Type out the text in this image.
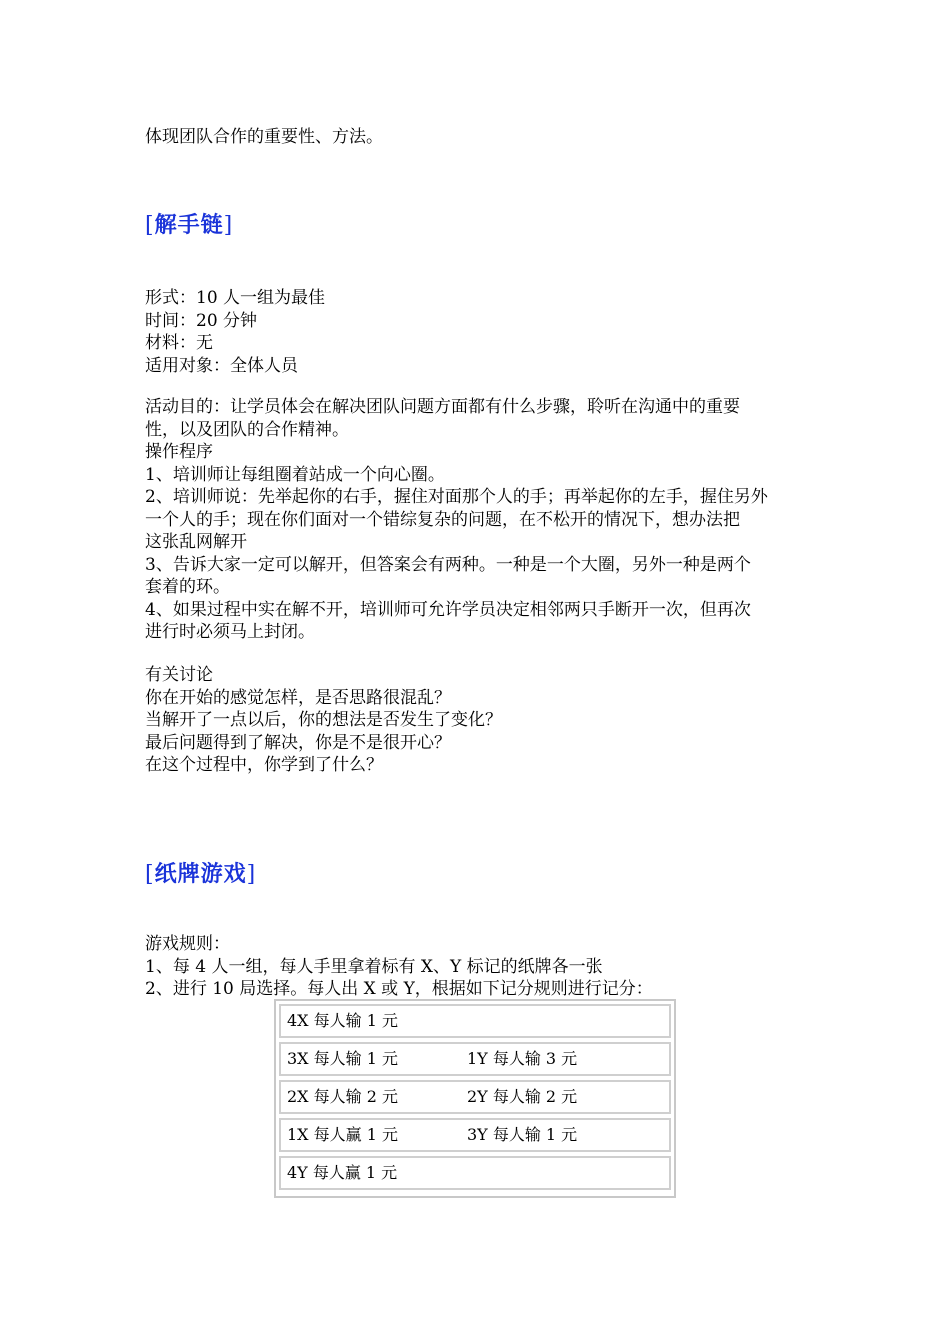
体现团队合作的重要性、方法。
[解手链]
形式：10 人一组为最佳
时间：20 分钟
材料：无
适用对象：全体人员
活动目的：让学员体会在解决团队问题方面都有什么步骤，聆听在沟通中的重要
性，以及团队的合作精神。
操作程序
1、培训师让每组圈着站成一个向心圈。
2、培训师说：先举起你的右手，握住对面那个人的手；再举起你的左手，握住另外
一个人的手；现在你们面对一个错综复杂的问题，在不松开的情况下，想办法把
这张乱网解开
3、告诉大家一定可以解开，但答案会有两种。一种是一个大圈，另外一种是两个
套着的环。
4、如果过程中实在解不开，培训师可允许学员决定相邻两只手断开一次，但再次
进行时必须马上封闭。
有关讨论
你在开始的感觉怎样，是否思路很混乱？
当解开了一点以后，你的想法是否发生了变化？
最后问题得到了解决，你是不是很开心？
在这个过程中，你学到了什么？
[纸牌游戏]
游戏规则：
1、每 4 人一组，每人手里拿着标有 X、Y 标记的纸牌各一张
2、进行 10 局选择。每人出 X 或 Y，根据如下记分规则进行记分：
4X 每人输 1 元
3X 每人输 1 元	1Y 每人输 3 元
2X 每人输 2 元	2Y 每人输 2 元
1X 每人赢 1 元	3Y 每人输 1 元
4Y 每人赢 1 元
